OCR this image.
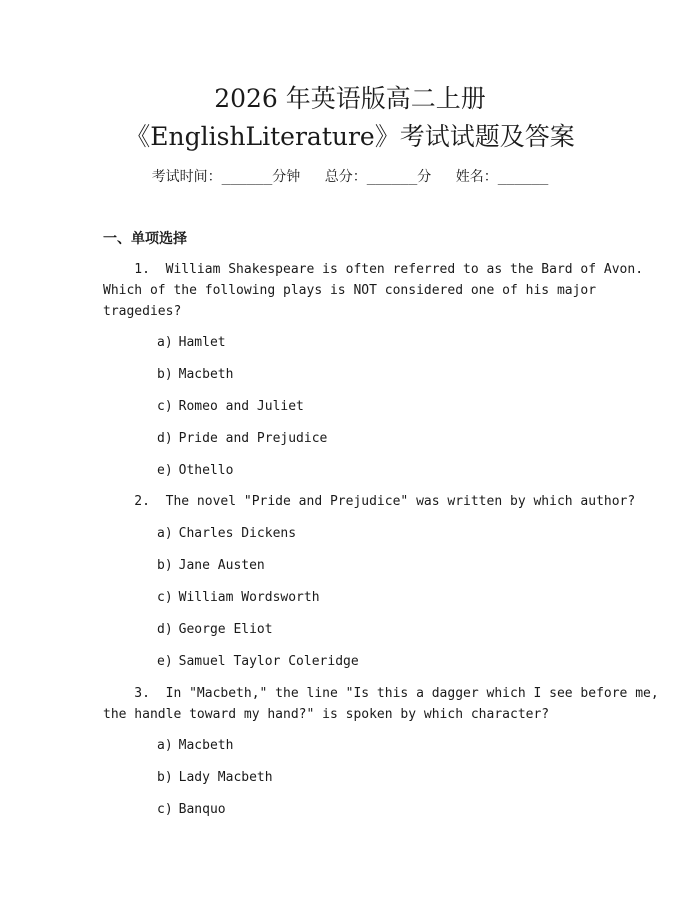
2026 年英语版高二上册
《EnglishLiterature》考试试题及答案
考试时间：______分钟 总分：______分 姓名：______
一、单项选择
1.  William Shakespeare is often referred to as the Bard of Avon.
Which of the following plays is NOT considered one of his major
tragedies?
a) Hamlet
b) Macbeth
c) Romeo and Juliet
d) Pride and Prejudice
e) Othello
2.  The novel "Pride and Prejudice" was written by which author?
a) Charles Dickens
b) Jane Austen
c) William Wordsworth
d) George Eliot
e) Samuel Taylor Coleridge
3.  In "Macbeth," the line "Is this a dagger which I see before me,
the handle toward my hand?" is spoken by which character?
a) Macbeth
b) Lady Macbeth
c) Banquo
